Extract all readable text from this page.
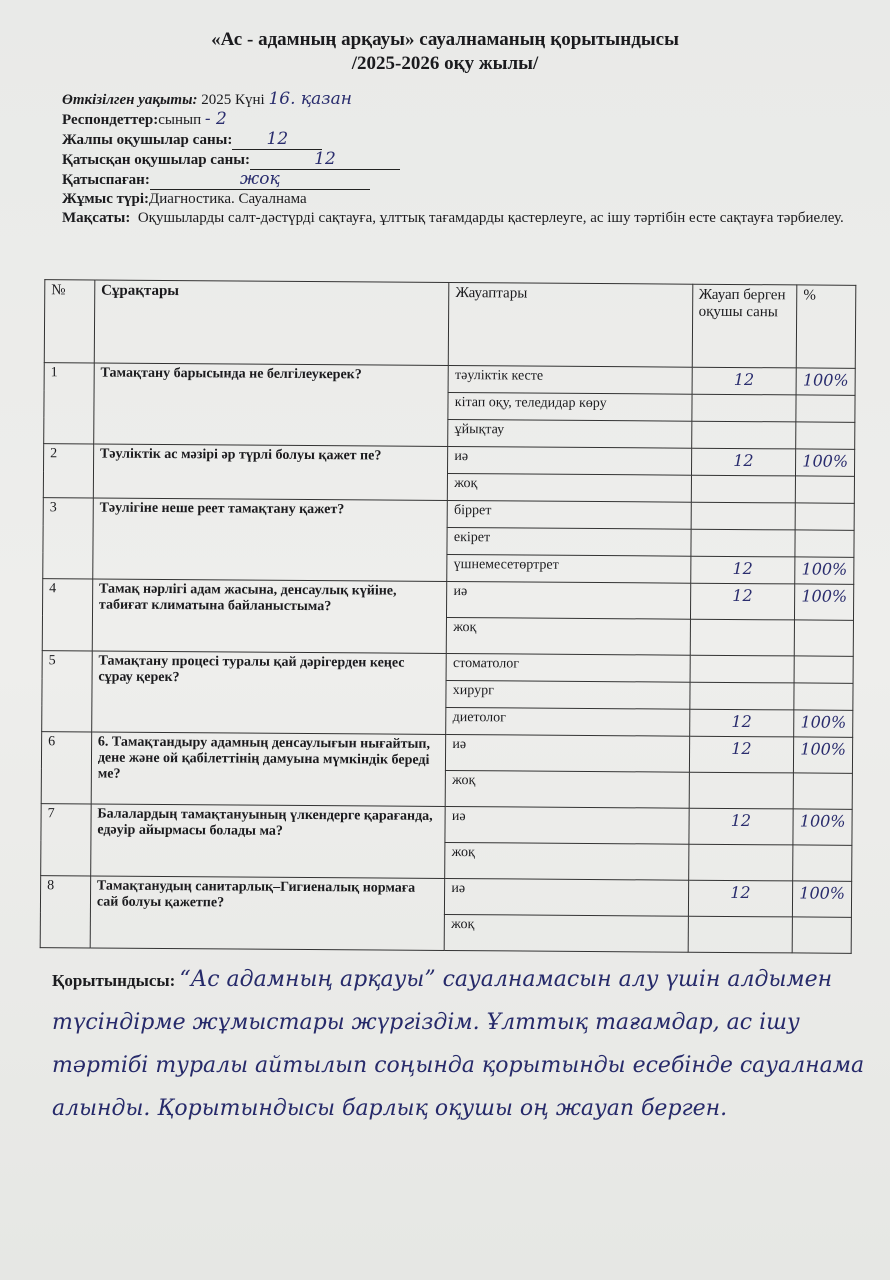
«Ас - адамның арқауы» сауалнаманың қорытындысы
/2025-2026 оқу жылы/
Өткізілген уақыты: 2025 Күні 16. қазан
Респондеттер:сынып - 2
Жалпы оқушылар саны: 12
Қатысқан оқушылар саны:	12
Қатыспаған:	жоқ
Жұмыс түрі:Диагностика. Сауалнама
Мақсаты: Оқушыларды салт-дәстүрді сақтауға, ұлттық тағамдарды қастерлеуге, ас ішу тәртібін есте сақтауға тәрбиелеу.
№	Сұрақтары	Жауаптары	Жауап берген оқушы саны	%
1	Тамақтану барысында не белгілеукерек?	тәуліктік кесте	12	100%
		кітап оқу, теледидар көру		
		ұйықтау		
2	Тәуліктік ас мәзірі әр түрлі болуы қажет пе?	иә	12	100%
		жоқ		
3	Тәулігіне неше реет тамақтану қажет?	біррет		
		екірет		
		үшнемесетөртрет	12	100%
4	Тамақ нәрлігі адам жасына, денсаулық күйіне, табиғат климатына байланыстыма?	иә	12	100%
		жоқ		
5	Тамақтану процесі туралы қай дәрігерден кеңес сұрау қерек?	стоматолог		
		хирург		
		диетолог	12	100%
6	6. Тамақтандыру адамның денсаулығын нығайтып, дене және ой қабілеттінің дамуына мүмкіндік береді ме?	иә	12	100%
		жоқ		
7	Балалардың тамақтануының үлкендерге қарағанда, едәуір айырмасы болады ма?	иә	12	100%
		жоқ		
8	Тамақтанудың санитарлық–Гигиеналық нормаға сай болуы қажетпе?	иә	12	100%
		жоқ		
Қорытындысы: “Ас адамның арқауы” сауалнамасын алу үшін алдымен түсіндірме жұмыстары жүргіздім. Ұлттық тағамдар, ас ішу тәртібі туралы айтылып соңында қорытынды есебінде сауалнама алынды. Қорытындысы барлық оқушы оң жауап берген.
